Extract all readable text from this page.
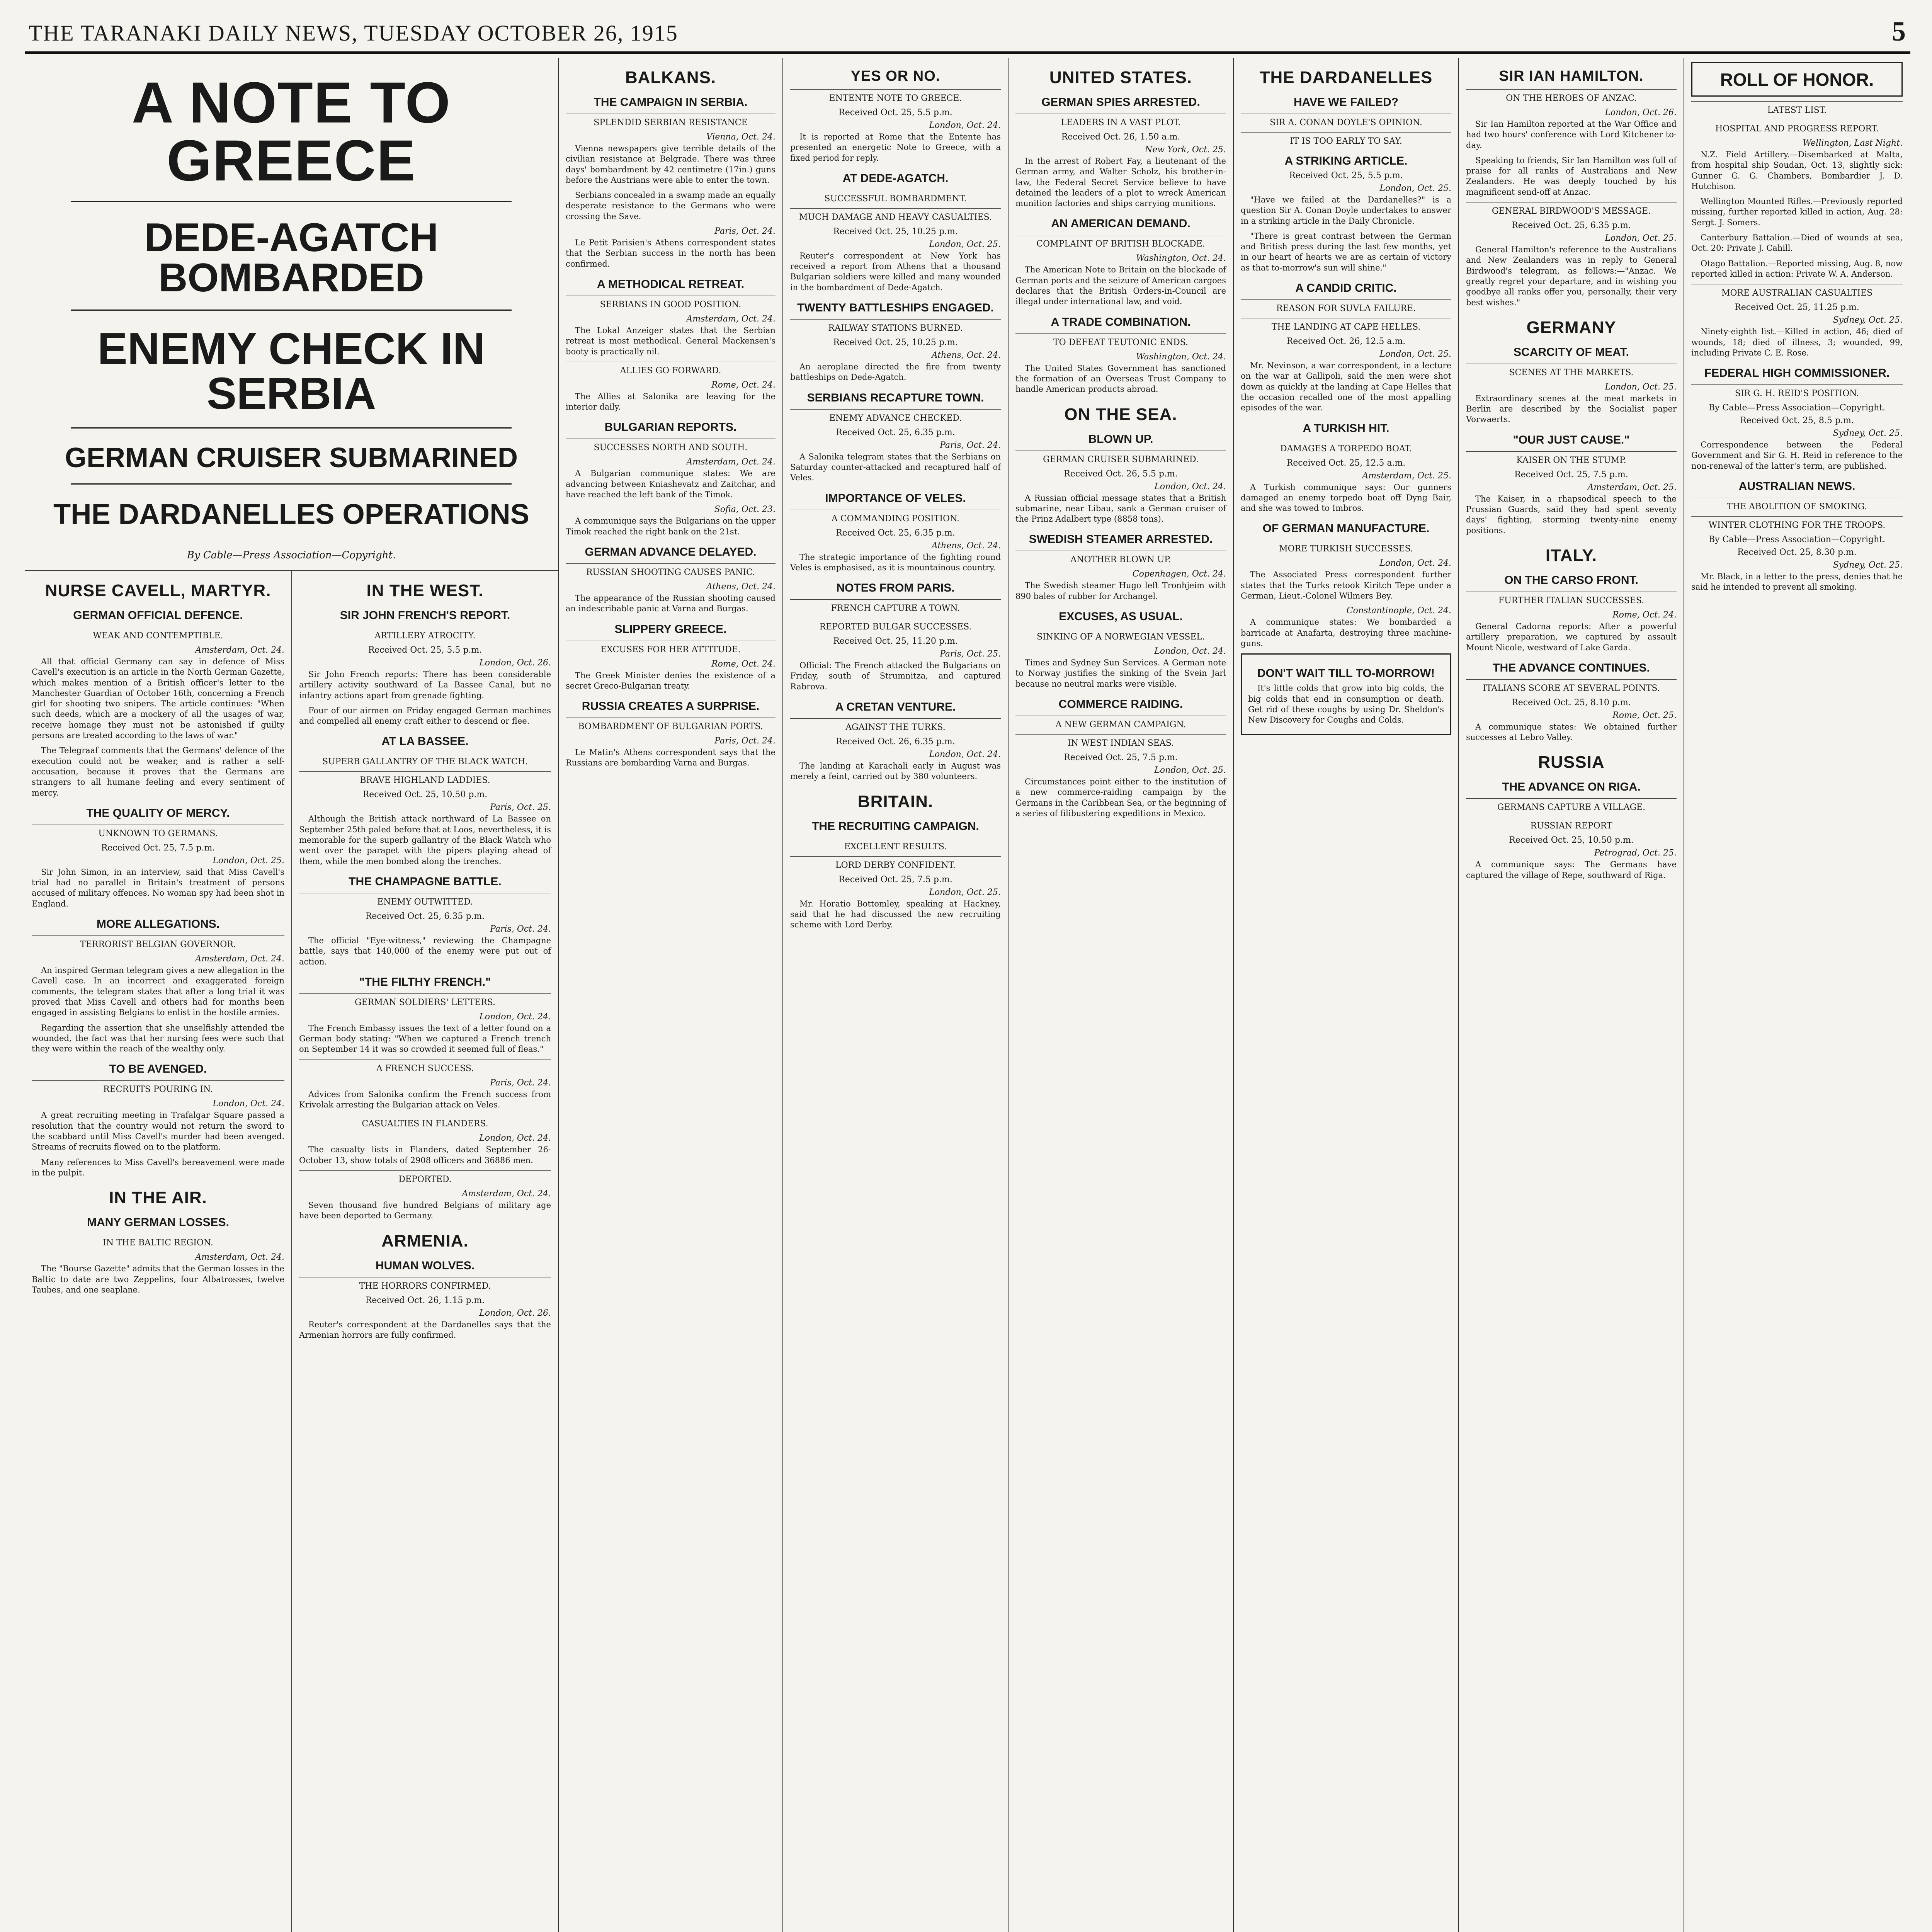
THE TARANAKI DAILY NEWS, TUESDAY OCTOBER 26, 1915	5
A NOTE TO GREECE
DEDE-AGATCH BOMBARDED
ENEMY CHECK IN SERBIA
GERMAN CRUISER SUBMARINED
THE DARDANELLES OPERATIONS
By Cable—Press Association—Copyright.
NURSE CAVELL, MARTYR.
GERMAN OFFICIAL DEFENCE.
WEAK AND CONTEMPTIBLE.
Amsterdam, Oct. 24.

All that official Germany can say in defence of Miss Cavell's execution is an article in the North German Gazette, which makes mention of a British officer's letter to the Manchester Guardian of October 16th, concerning a French girl for shooting two snipers. The article continues: "When such deeds, which are a mockery of all the usages of war, receive homage they must not be astonished if guilty persons are treated according to the laws of war."

The Telegraaf comments that the Germans' defence of the execution could not be weaker, and is rather a self-accusation, because it proves that the Germans are strangers to all humane feeling and every sentiment of mercy.

THE QUALITY OF MERCY.
UNKNOWN TO GERMANS.
Received Oct. 25, 7.5 p.m.
London, Oct. 25.

Sir John Simon, in an interview, said that Miss Cavell's trial had no parallel in Britain's treatment of persons accused of military offences. No woman spy had been shot in England.

MORE ALLEGATIONS.
TERRORIST BELGIAN GOVERNOR.
Amsterdam, Oct. 24.

An inspired German telegram gives a new allegation in the Cavell case. In an incorrect and exaggerated foreign comments, the telegram states that after a long trial it was proved that Miss Cavell and others had for months been engaged in assisting Belgians to enlist in the hostile armies.

Regarding the assertion that she unselfishly attended the wounded, the fact was that her nursing fees were such that they were within the reach of the wealthy only.

TO BE AVENGED.
RECRUITS POURING IN.
London, Oct. 24.

A great recruiting meeting in Trafalgar Square passed a resolution that the country would not return the sword to the scabbard until Miss Cavell's murder had been avenged. Streams of recruits flowed on to the platform.

Many references to Miss Cavell's bereavement were made in the pulpit.

IN THE AIR.
MANY GERMAN LOSSES.
IN THE BALTIC REGION.
Amsterdam, Oct. 24.

The "Bourse Gazette" admits that the German losses in the Baltic to date are two Zeppelins, four Albatrosses, twelve Taubes, and one seaplane.

IN THE WEST.
SIR JOHN FRENCH'S REPORT.
ARTILLERY ATROCITY.
Received Oct. 25, 5.5 p.m.
London, Oct. 26.

Sir John French reports: There has been considerable artillery activity southward of La Bassee Canal, but no infantry actions apart from grenade fighting.

Four of our airmen on Friday engaged German machines and compelled all enemy craft either to descend or flee.

AT LA BASSEE.
SUPERB GALLANTRY OF THE BLACK WATCH.
BRAVE HIGHLAND LADDIES.
Received Oct. 25, 10.50 p.m.
Paris, Oct. 25.

Although the British attack northward of La Bassee on September 25th paled before that at Loos, nevertheless, it is memorable for the superb gallantry of the Black Watch who went over the parapet with the pipers playing ahead of them, while the men bombed along the trenches.

THE CHAMPAGNE BATTLE.
ENEMY OUTWITTED.
Received Oct. 25, 6.35 p.m.
Paris, Oct. 24.

The official "Eye-witness," reviewing the Champagne battle, says that 140,000 of the enemy were put out of action.

"THE FILTHY FRENCH."
GERMAN SOLDIERS' LETTERS.
London, Oct. 24.

The French Embassy issues the text of a letter found on a German body stating: "When we captured a French trench on September 14 it was so crowded it seemed full of fleas."

A FRENCH SUCCESS.
Paris, Oct. 24.

Advices from Salonika confirm the French success from Krivolak arresting the Bulgarian attack on Veles.

CASUALTIES IN FLANDERS.
London, Oct. 24.

The casualty lists in Flanders, dated September 26-October 13, show totals of 2908 officers and 36886 men.

DEPORTED.
Amsterdam, Oct. 24.

Seven thousand five hundred Belgians of military age have been deported to Germany.

ARMENIA.
HUMAN WOLVES.
THE HORRORS CONFIRMED.
Received Oct. 26, 1.15 p.m.
London, Oct. 26.

Reuter's correspondent at the Dardanelles says that the Armenian horrors are fully confirmed.

BALKANS.
THE CAMPAIGN IN SERBIA.
SPLENDID SERBIAN RESISTANCE
Vienna, Oct. 24.

Vienna newspapers give terrible details of the civilian resistance at Belgrade. There was three days' bombardment by 42 centimetre (17in.) guns before the Austrians were able to enter the town.

Serbians concealed in a swamp made an equally desperate resistance to the Germans who were crossing the Save.

Paris, Oct. 24.

Le Petit Parisien's Athens correspondent states that the Serbian success in the north has been confirmed.

A METHODICAL RETREAT.
SERBIANS IN GOOD POSITION.
Amsterdam, Oct. 24.

The Lokal Anzeiger states that the Serbian retreat is most methodical. General Mackensen's booty is practically nil.

ALLIES GO FORWARD.
Rome, Oct. 24.

The Allies at Salonika are leaving for the interior daily.

BULGARIAN REPORTS.
SUCCESSES NORTH AND SOUTH.
Amsterdam, Oct. 24.

A Bulgarian communique states: We are advancing between Kniashevatz and Zaitchar, and have reached the left bank of the Timok.

Sofia, Oct. 23.

A communique says the Bulgarians on the upper Timok reached the right bank on the 21st.

GERMAN ADVANCE DELAYED.
RUSSIAN SHOOTING CAUSES PANIC.
Athens, Oct. 24.

The appearance of the Russian shooting caused an indescribable panic at Varna and Burgas.

SLIPPERY GREECE.
EXCUSES FOR HER ATTITUDE.
Rome, Oct. 24.

The Greek Minister denies the existence of a secret Greco-Bulgarian treaty.

RUSSIA CREATES A SURPRISE.
BOMBARDMENT OF BULGARIAN PORTS.
Paris, Oct. 24.

Le Matin's Athens correspondent says that the Russians are bombarding Varna and Burgas.

YES OR NO.
ENTENTE NOTE TO GREECE.
Received Oct. 25, 5.5 p.m.
London, Oct. 24.

It is reported at Rome that the Entente has presented an energetic Note to Greece, with a fixed period for reply.

AT DEDE-AGATCH.
SUCCESSFUL BOMBARDMENT.
MUCH DAMAGE AND HEAVY CASUALTIES.
Received Oct. 25, 10.25 p.m.
London, Oct. 25.

Reuter's correspondent at New York has received a report from Athens that a thousand Bulgarian soldiers were killed and many wounded in the bombardment of Dede-Agatch.

TWENTY BATTLESHIPS ENGAGED.
RAILWAY STATIONS BURNED.
Received Oct. 25, 10.25 p.m.
Athens, Oct. 24.

An aeroplane directed the fire from twenty battleships on Dede-Agatch.

SERBIANS RECAPTURE TOWN.
ENEMY ADVANCE CHECKED.
Received Oct. 25, 6.35 p.m.
Paris, Oct. 24.

A Salonika telegram states that the Serbians on Saturday counter-attacked and recaptured half of Veles.

IMPORTANCE OF VELES.
A COMMANDING POSITION.
Received Oct. 25, 6.35 p.m.
Athens, Oct. 24.

The strategic importance of the fighting round Veles is emphasised, as it is mountainous country.

NOTES FROM PARIS.
FRENCH CAPTURE A TOWN.
REPORTED BULGAR SUCCESSES.
Received Oct. 25, 11.20 p.m.
Paris, Oct. 25.

Official: The French attacked the Bulgarians on Friday, south of Strumnitza, and captured Rabrova.

A CRETAN VENTURE.
AGAINST THE TURKS.
Received Oct. 26, 6.35 p.m.
London, Oct. 24.

The landing at Karachali early in August was merely a feint, carried out by 380 volunteers.

BRITAIN.
THE RECRUITING CAMPAIGN.
EXCELLENT RESULTS.
LORD DERBY CONFIDENT.
Received Oct. 25, 7.5 p.m.
London, Oct. 25.

Mr. Horatio Bottomley, speaking at Hackney, said that he had discussed the new recruiting scheme with Lord Derby.

UNITED STATES.
GERMAN SPIES ARRESTED.
LEADERS IN A VAST PLOT.
Received Oct. 26, 1.50 a.m.
New York, Oct. 25.

In the arrest of Robert Fay, a lieutenant of the German army, and Walter Scholz, his brother-in-law, the Federal Secret Service believe to have detained the leaders of a plot to wreck American munition factories and ships carrying munitions.

AN AMERICAN DEMAND.
COMPLAINT OF BRITISH BLOCKADE.
Washington, Oct. 24.

The American Note to Britain on the blockade of German ports and the seizure of American cargoes declares that the British Orders-in-Council are illegal under international law, and void.

A TRADE COMBINATION.
TO DEFEAT TEUTONIC ENDS.
Washington, Oct. 24.

The United States Government has sanctioned the formation of an Overseas Trust Company to handle American products abroad.

ON THE SEA.
BLOWN UP.
GERMAN CRUISER SUBMARINED.
Received Oct. 26, 5.5 p.m.
London, Oct. 24.

A Russian official message states that a British submarine, near Libau, sank a German cruiser of the Prinz Adalbert type (8858 tons).

SWEDISH STEAMER ARRESTED.
ANOTHER BLOWN UP.
Copenhagen, Oct. 24.

The Swedish steamer Hugo left Tronhjeim with 890 bales of rubber for Archangel.

EXCUSES, AS USUAL.
SINKING OF A NORWEGIAN VESSEL.
London, Oct. 24.

Times and Sydney Sun Services. A German note to Norway justifies the sinking of the Svein Jarl because no neutral marks were visible.

COMMERCE RAIDING.
A NEW GERMAN CAMPAIGN.
IN WEST INDIAN SEAS.
Received Oct. 25, 7.5 p.m.
London, Oct. 25.

Circumstances point either to the institution of a new commerce-raiding campaign by the Germans in the Caribbean Sea, or the beginning of a series of filibustering expeditions in Mexico.

THE DARDANELLES
HAVE WE FAILED?
SIR A. CONAN DOYLE'S OPINION.
IT IS TOO EARLY TO SAY.
A STRIKING ARTICLE.
Received Oct. 25, 5.5 p.m.
London, Oct. 25.

"Have we failed at the Dardanelles?" is a question Sir A. Conan Doyle undertakes to answer in a striking article in the Daily Chronicle.

"There is great contrast between the German and British press during the last few months, yet in our heart of hearts we are as certain of victory as that to-morrow's sun will shine."

A CANDID CRITIC.
REASON FOR SUVLA FAILURE.
THE LANDING AT CAPE HELLES.
Received Oct. 26, 12.5 a.m.
London, Oct. 25.

Mr. Nevinson, a war correspondent, in a lecture on the war at Gallipoli, said the men were shot down as quickly at the landing at Cape Helles that the occasion recalled one of the most appalling episodes of the war.

A TURKISH HIT.
DAMAGES A TORPEDO BOAT.
Received Oct. 25, 12.5 a.m.
Amsterdam, Oct. 25.

A Turkish communique says: Our gunners damaged an enemy torpedo boat off Dyng Bair, and she was towed to Imbros.

OF GERMAN MANUFACTURE.
MORE TURKISH SUCCESSES.
London, Oct. 24.

The Associated Press correspondent further states that the Turks retook Kiritch Tepe under a German, Lieut.-Colonel Wilmers Bey.

Constantinople, Oct. 24.

A communique states: We bombarded a barricade at Anafarta, destroying three machine-guns.

DON'T WAIT TILL TO-MORROW!

It's little colds that grow into big colds, the big colds that end in consumption or death. Get rid of these coughs by using Dr. Sheldon's New Discovery for Coughs and Colds.

SIR IAN HAMILTON.
ON THE HEROES OF ANZAC.
London, Oct. 26.

Sir Ian Hamilton reported at the War Office and had two hours' conference with Lord Kitchener to-day.

Speaking to friends, Sir Ian Hamilton was full of praise for all ranks of Australians and New Zealanders. He was deeply touched by his magnificent send-off at Anzac.

GENERAL BIRDWOOD'S MESSAGE.
Received Oct. 25, 6.35 p.m.
London, Oct. 25.

General Hamilton's reference to the Australians and New Zealanders was in reply to General Birdwood's telegram, as follows:—"Anzac. We greatly regret your departure, and in wishing you goodbye all ranks offer you, personally, their very best wishes."

GERMANY
SCARCITY OF MEAT.
SCENES AT THE MARKETS.
London, Oct. 25.

Extraordinary scenes at the meat markets in Berlin are described by the Socialist paper Vorwaerts.

"OUR JUST CAUSE."
KAISER ON THE STUMP.
Received Oct. 25, 7.5 p.m.
Amsterdam, Oct. 25.

The Kaiser, in a rhapsodical speech to the Prussian Guards, said they had spent seventy days' fighting, storming twenty-nine enemy positions.

ITALY.
ON THE CARSO FRONT.
FURTHER ITALIAN SUCCESSES.
Rome, Oct. 24.

General Cadorna reports: After a powerful artillery preparation, we captured by assault Mount Nicole, westward of Lake Garda.

THE ADVANCE CONTINUES.
ITALIANS SCORE AT SEVERAL POINTS.
Received Oct. 25, 8.10 p.m.
Rome, Oct. 25.

A communique states: We obtained further successes at Lebro Valley.

RUSSIA
THE ADVANCE ON RIGA.
GERMANS CAPTURE A VILLAGE.
RUSSIAN REPORT
Received Oct. 25, 10.50 p.m.
Petrograd, Oct. 25.

A communique says: The Germans have captured the village of Repe, southward of Riga.

ROLL OF HONOR.
LATEST LIST.
HOSPITAL AND PROGRESS REPORT.
Wellington, Last Night.

N.Z. Field Artillery.—Disembarked at Malta, from hospital ship Soudan, Oct. 13, slightly sick: Gunner G. G. Chambers, Bombardier J. D. Hutchison.

Wellington Mounted Rifles.—Previously reported missing, further reported killed in action, Aug. 28: Sergt. J. Somers.

Canterbury Battalion.—Died of wounds at sea, Oct. 20: Private J. Cahill.

Otago Battalion.—Reported missing, Aug. 8, now reported killed in action: Private W. A. Anderson.

MORE AUSTRALIAN CASUALTIES
Received Oct. 25, 11.25 p.m.
Sydney, Oct. 25.

Ninety-eighth list.—Killed in action, 46; died of wounds, 18; died of illness, 3; wounded, 99, including Private C. E. Rose.

FEDERAL HIGH COMMISSIONER.
SIR G. H. REID'S POSITION.
By Cable—Press Association—Copyright.
Received Oct. 25, 8.5 p.m.
Sydney, Oct. 25.

Correspondence between the Federal Government and Sir G. H. Reid in reference to the non-renewal of the latter's term, are published.

AUSTRALIAN NEWS.
THE ABOLITION OF SMOKING.
WINTER CLOTHING FOR THE TROOPS.
By Cable—Press Association—Copyright.
Received Oct. 25, 8.30 p.m.
Sydney, Oct. 25.

Mr. Black, in a letter to the press, denies that he said he intended to prevent all smoking.
